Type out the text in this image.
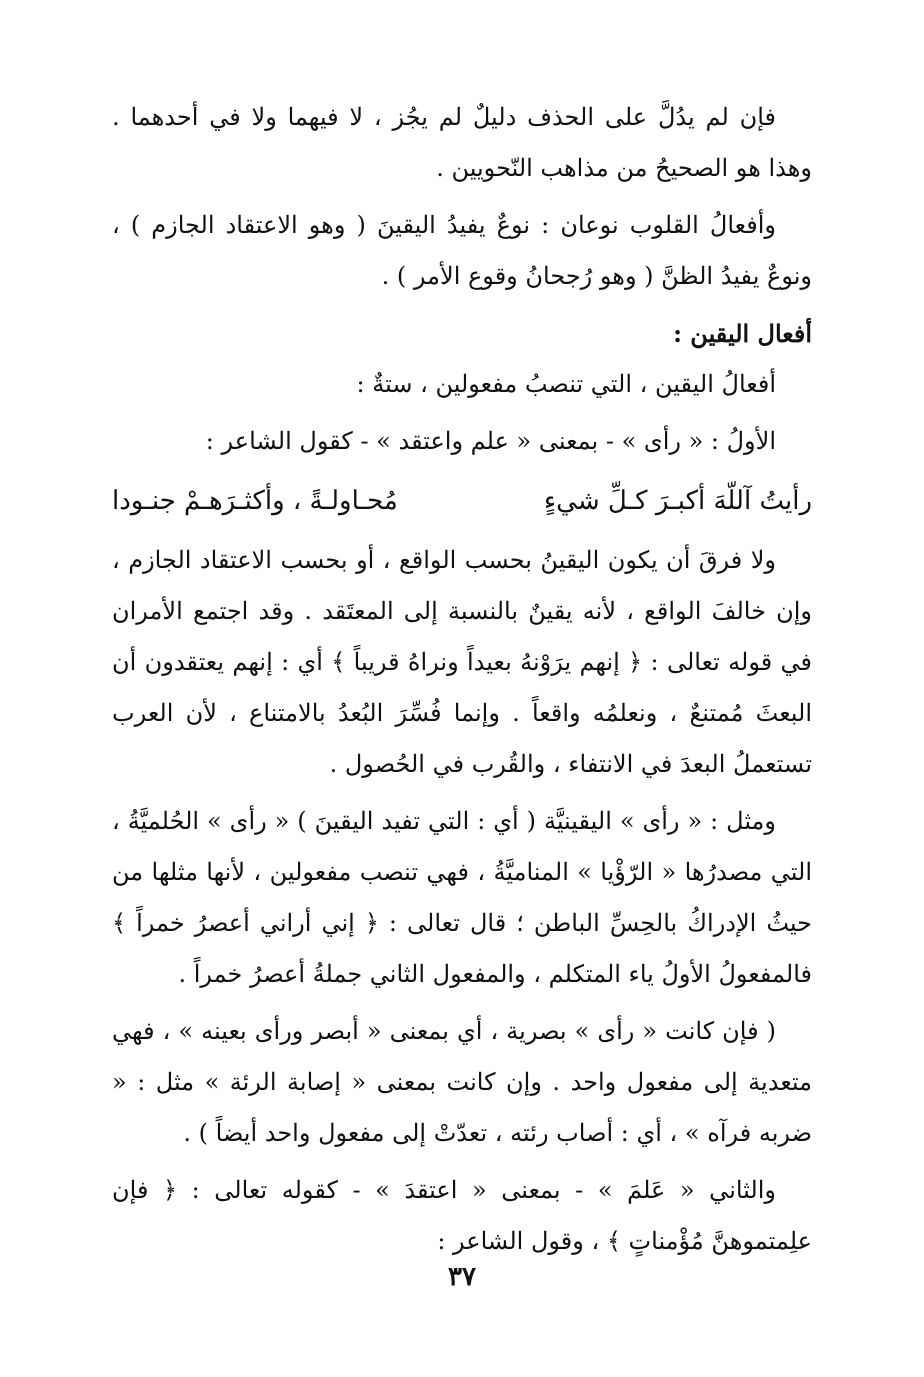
فإن لم يدُلَّ على الحذف دليلٌ لم يجُز ، لا فيهما ولا في أحدهما . وهذا هو الصحيحُ من مذاهب النّحويين .

وأفعالُ القلوب نوعان : نوعٌ يفيدُ اليقينَ ( وهو الاعتقاد الجازم ) ، ونوعٌ يفيدُ الظنَّ ( وهو رُجحانُ وقوع الأمر ) .

أفعال اليقين :

أفعالُ اليقين ، التي تنصبُ مفعولين ، ستةٌ :

الأولُ : « رأى » - بمعنى « علم واعتقد » - كقول الشاعر :

رأيتُ آللّهَ أكبـرَ كـلِّ شيءٍ
مُحـاولـةً ، وأكثـرَهـمْ جنـودا

ولا فرقَ أن يكون اليقينُ بحسب الواقع ، أو بحسب الاعتقاد الجازم ، وإن خالفَ الواقع ، لأنه يقينٌ بالنسبة إلى المعتَقد . وقد اجتمع الأمران في قوله تعالى : ﴿ إنهم يرَوْنهُ بعيداً ونراهُ قريباً ﴾ أي : إنهم يعتقدون أن البعثَ مُمتنعٌ ، ونعلمُه واقعاً . وإنما فُسِّرَ البُعدُ بالامتناع ، لأن العرب تستعملُ البعدَ في الانتفاء ، والقُرب في الحُصول .

ومثل : « رأى » اليقينيَّة ( أي : التي تفيد اليقينَ ) « رأى » الحُلميَّةُ ، التي مصدرُها « الرّؤْيا » المناميَّةُ ، فهي تنصب مفعولين ، لأنها مثلها من حيثُ الإدراكُ بالحِسِّ الباطن ؛ قال تعالى : ﴿ إني أراني أعصرُ خمراً ﴾ فالمفعولُ الأولُ ياء المتكلم ، والمفعول الثاني جملةُ أعصرُ خمراً .

( فإن كانت « رأى » بصرية ، أي بمعنى « أبصر ورأى بعينه » ، فهي متعدية إلى مفعول واحد . وإن كانت بمعنى « إصابة الرئة » مثل : « ضربه فرآه » ، أي : أصاب رئته ، تعدّتْ إلى مفعول واحد أيضاً ) .

والثاني « عَلمَ » - بمعنى « اعتقدَ » - كقوله تعالى : ﴿ فإن علِمتموهنَّ مُؤْمناتٍ ﴾ ، وقول الشاعر :

٣٧
